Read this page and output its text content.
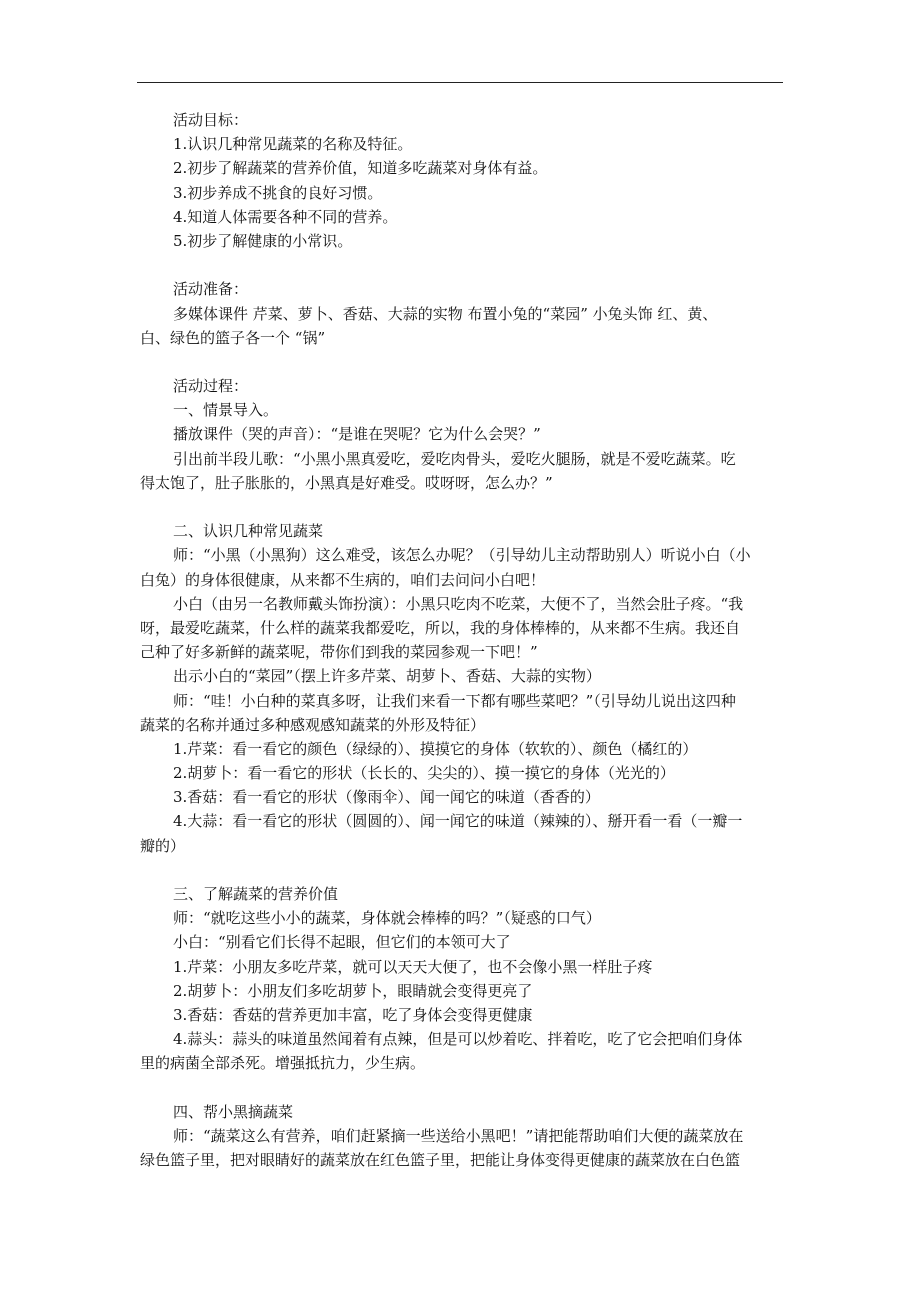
活动目标：
1.认识几种常见蔬菜的名称及特征。
2.初步了解蔬菜的营养价值，知道多吃蔬菜对身体有益。
3.初步养成不挑食的良好习惯。
4.知道人体需要各种不同的营养。
5.初步了解健康的小常识。
活动准备：
多媒体课件 芹菜、萝卜、香菇、大蒜的实物 布置小兔的“菜园” 小兔头饰 红、黄、
白、绿色的篮子各一个 “锅”
活动过程：
一、情景导入。
播放课件（哭的声音）：“是谁在哭呢？它为什么会哭？”
引出前半段儿歌：“小黑小黑真爱吃，爱吃肉骨头，爱吃火腿肠，就是不爱吃蔬菜。吃
得太饱了，肚子胀胀的，小黑真是好难受。哎呀呀，怎么办？”
二、认识几种常见蔬菜
师：“小黑（小黑狗）这么难受，该怎么办呢？（引导幼儿主动帮助别人）听说小白（小
白兔）的身体很健康，从来都不生病的，咱们去问问小白吧！
小白（由另一名教师戴头饰扮演）：小黑只吃肉不吃菜，大便不了，当然会肚子疼。“我
呀，最爱吃蔬菜，什么样的蔬菜我都爱吃，所以，我的身体棒棒的，从来都不生病。我还自
己种了好多新鲜的蔬菜呢，带你们到我的菜园参观一下吧！”
出示小白的“菜园”（摆上许多芹菜、胡萝卜、香菇、大蒜的实物）
师：“哇！小白种的菜真多呀，让我们来看一下都有哪些菜吧？”（引导幼儿说出这四种
蔬菜的名称并通过多种感观感知蔬菜的外形及特征）
1.芹菜：看一看它的颜色（绿绿的）、摸摸它的身体（软软的）、颜色（橘红的）
2.胡萝卜：看一看它的形状（长长的、尖尖的）、摸一摸它的身体（光光的）
3.香菇：看一看它的形状（像雨伞）、闻一闻它的味道（香香的）
4.大蒜：看一看它的形状（圆圆的）、闻一闻它的味道（辣辣的）、掰开看一看（一瓣一
瓣的）
三、了解蔬菜的营养价值
师：“就吃这些小小的蔬菜，身体就会棒棒的吗？”（疑惑的口气）
小白：“别看它们长得不起眼，但它们的本领可大了
1.芹菜：小朋友多吃芹菜，就可以天天大便了，也不会像小黑一样肚子疼
2.胡萝卜：小朋友们多吃胡萝卜，眼睛就会变得更亮了
3.香菇：香菇的营养更加丰富，吃了身体会变得更健康
4.蒜头：蒜头的味道虽然闻着有点辣，但是可以炒着吃、拌着吃，吃了它会把咱们身体
里的病菌全部杀死。增强抵抗力，少生病。
四、帮小黑摘蔬菜
师：“蔬菜这么有营养，咱们赶紧摘一些送给小黑吧！”请把能帮助咱们大便的蔬菜放在
绿色篮子里，把对眼睛好的蔬菜放在红色篮子里，把能让身体变得更健康的蔬菜放在白色篮
